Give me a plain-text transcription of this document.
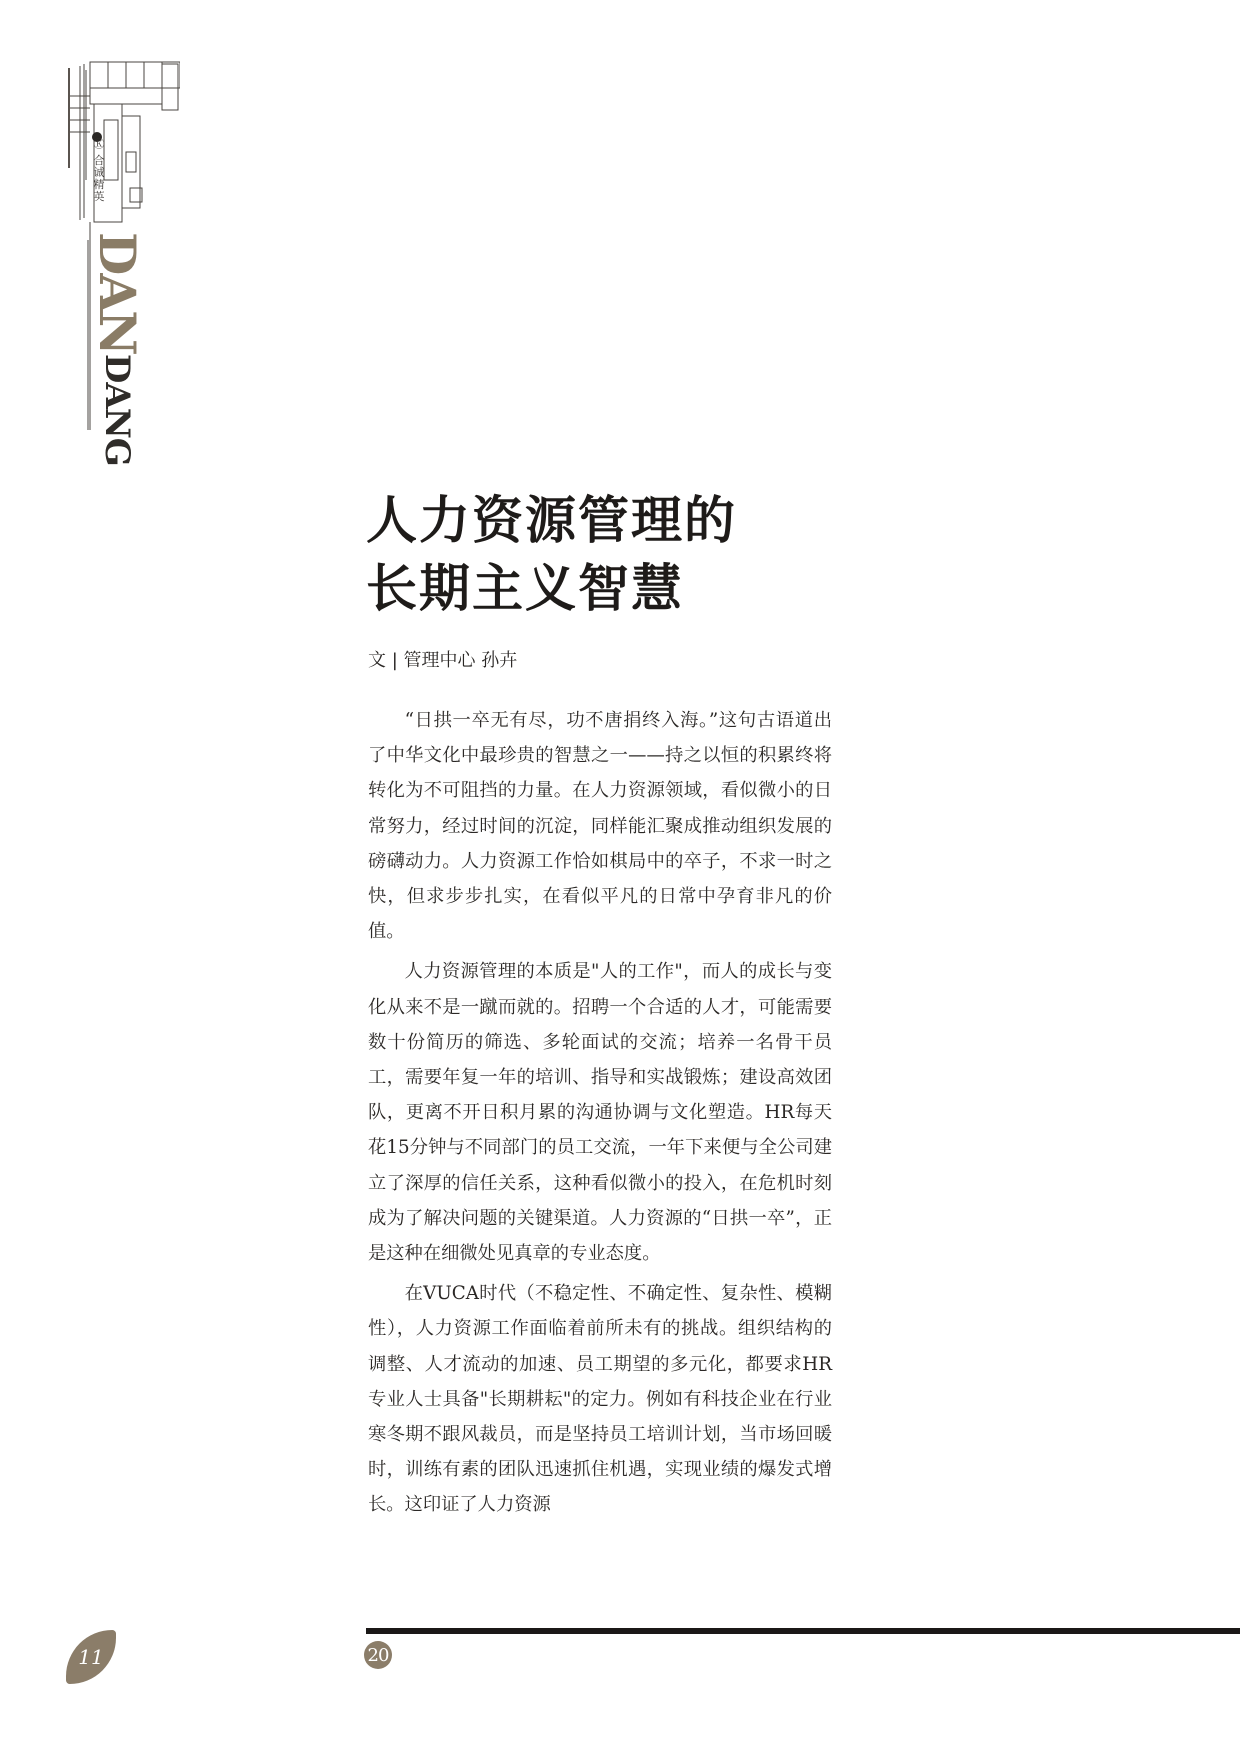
Ⓚ 合诚精英

DANDANG

人力资源管理的
长期主义智慧

文 | 管理中心 孙卉

“日拱一卒无有尽，功不唐捐终入海。”这句古语道出了中华文化中最珍贵的智慧之一——持之以恒的积累终将转化为不可阻挡的力量。在人力资源领域，看似微小的日常努力，经过时间的沉淀，同样能汇聚成推动组织发展的磅礴动力。人力资源工作恰如棋局中的卒子，不求一时之快，但求步步扎实，在看似平凡的日常中孕育非凡的价值。

人力资源管理的本质是"人的工作"，而人的成长与变化从来不是一蹴而就的。招聘一个合适的人才，可能需要数十份简历的筛选、多轮面试的交流；培养一名骨干员工，需要年复一年的培训、指导和实战锻炼；建设高效团队，更离不开日积月累的沟通协调与文化塑造。HR每天花15分钟与不同部门的员工交流，一年下来便与全公司建立了深厚的信任关系，这种看似微小的投入，在危机时刻成为了解决问题的关键渠道。人力资源的“日拱一卒”，正是这种在细微处见真章的专业态度。

在VUCA时代（不稳定性、不确定性、复杂性、模糊性），人力资源工作面临着前所未有的挑战。组织结构的调整、人才流动的加速、员工期望的多元化，都要求HR专业人士具备"长期耕耘"的定力。例如有科技企业在行业寒冬期不跟风裁员，而是坚持员工培训计划，当市场回暖时，训练有素的团队迅速抓住机遇，实现业绩的爆发式增长。这印证了人力资源

11	20
